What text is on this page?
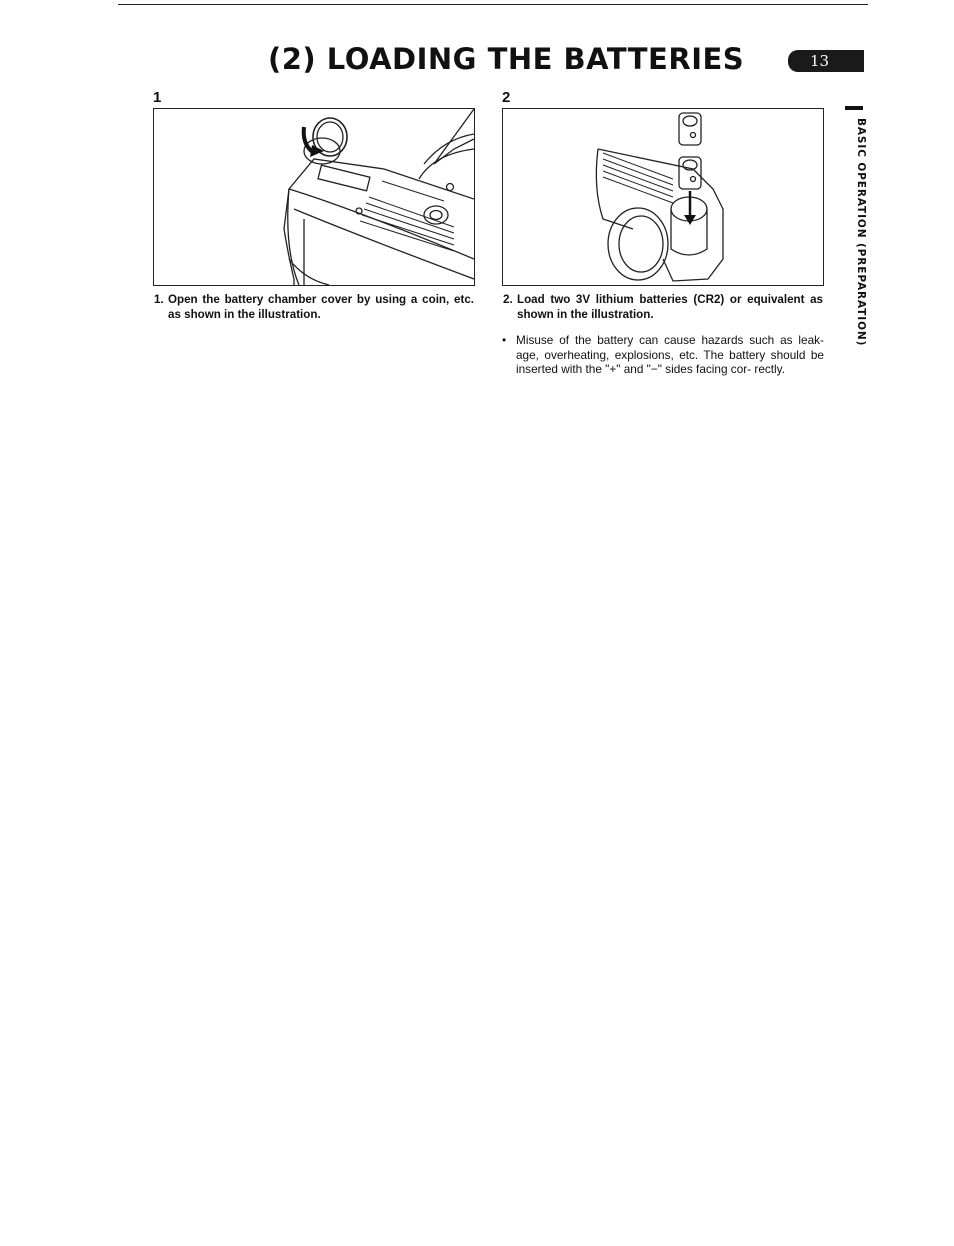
(2) LOADING THE BATTERIES	13
1	2
1. Open the battery chamber cover by using a coin, etc. as shown in the illustration.
2. Load two 3V lithium batteries (CR2) or equivalent as shown in the illustration.
• Misuse of the battery can cause hazards such as leak- age, overheating, explosions, etc. The battery should be inserted with the "+" and "−" sides facing cor- rectly.
BASIC OPERATION (PREPARATION)
